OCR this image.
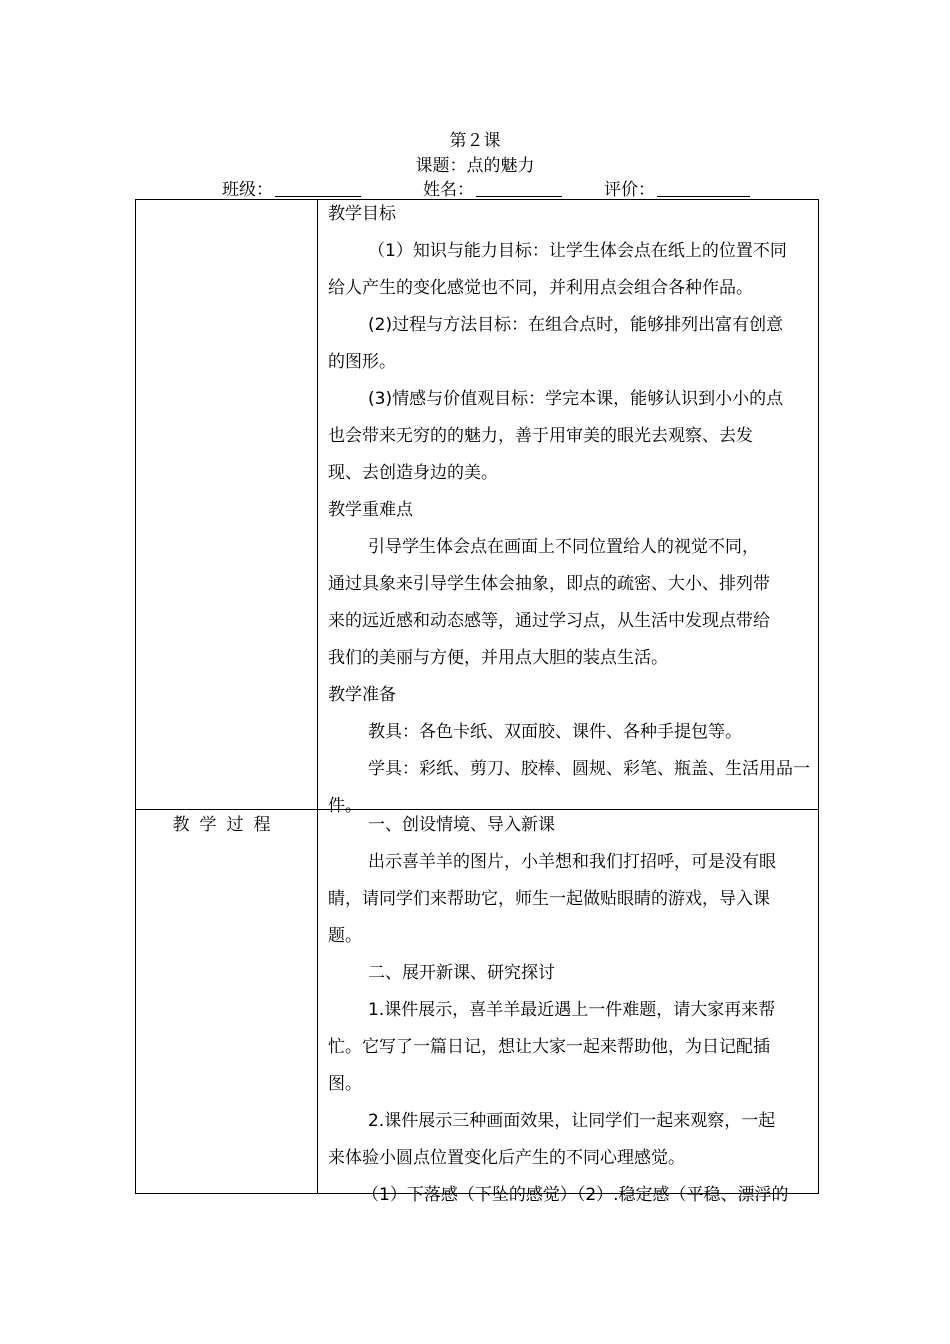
第２课
课题：点的魅力
班级：	姓名：	评价：

教学目标

（1）知识与能力目标：让学生体会点在纸上的位置不同

给人产生的变化感觉也不同，并利用点会组合各种作品。

(2)过程与方法目标：在组合点时，能够排列出富有创意

的图形。

(3)情感与价值观目标：学完本课，能够认识到小小的点

也会带来无穷的的魅力，善于用审美的眼光去观察、去发

现、去创造身边的美。

教学重难点

引导学生体会点在画面上不同位置给人的视觉不同，

通过具象来引导学生体会抽象，即点的疏密、大小、排列带

来的远近感和动态感等，通过学习点，从生活中发现点带给

我们的美丽与方便，并用点大胆的装点生活。

教学准备

教具：各色卡纸、双面胶、课件、各种手提包等。

学具：彩纸、剪刀、胶棒、圆规、彩笔、瓶盖、生活用品一

件。

教学过程	一、创设情境、导入新课

出示喜羊羊的图片，小羊想和我们打招呼，可是没有眼

睛，请同学们来帮助它，师生一起做贴眼睛的游戏，导入课

题。

二、展开新课、研究探讨

1.课件展示，喜羊羊最近遇上一件难题，请大家再来帮

忙。它写了一篇日记，想让大家一起来帮助他，为日记配插

图。

2.课件展示三种画面效果，让同学们一起来观察，一起

来体验小圆点位置变化后产生的不同心理感觉。

（1）下落感（下坠的感觉）（2）.稳定感（平稳、漂浮的
